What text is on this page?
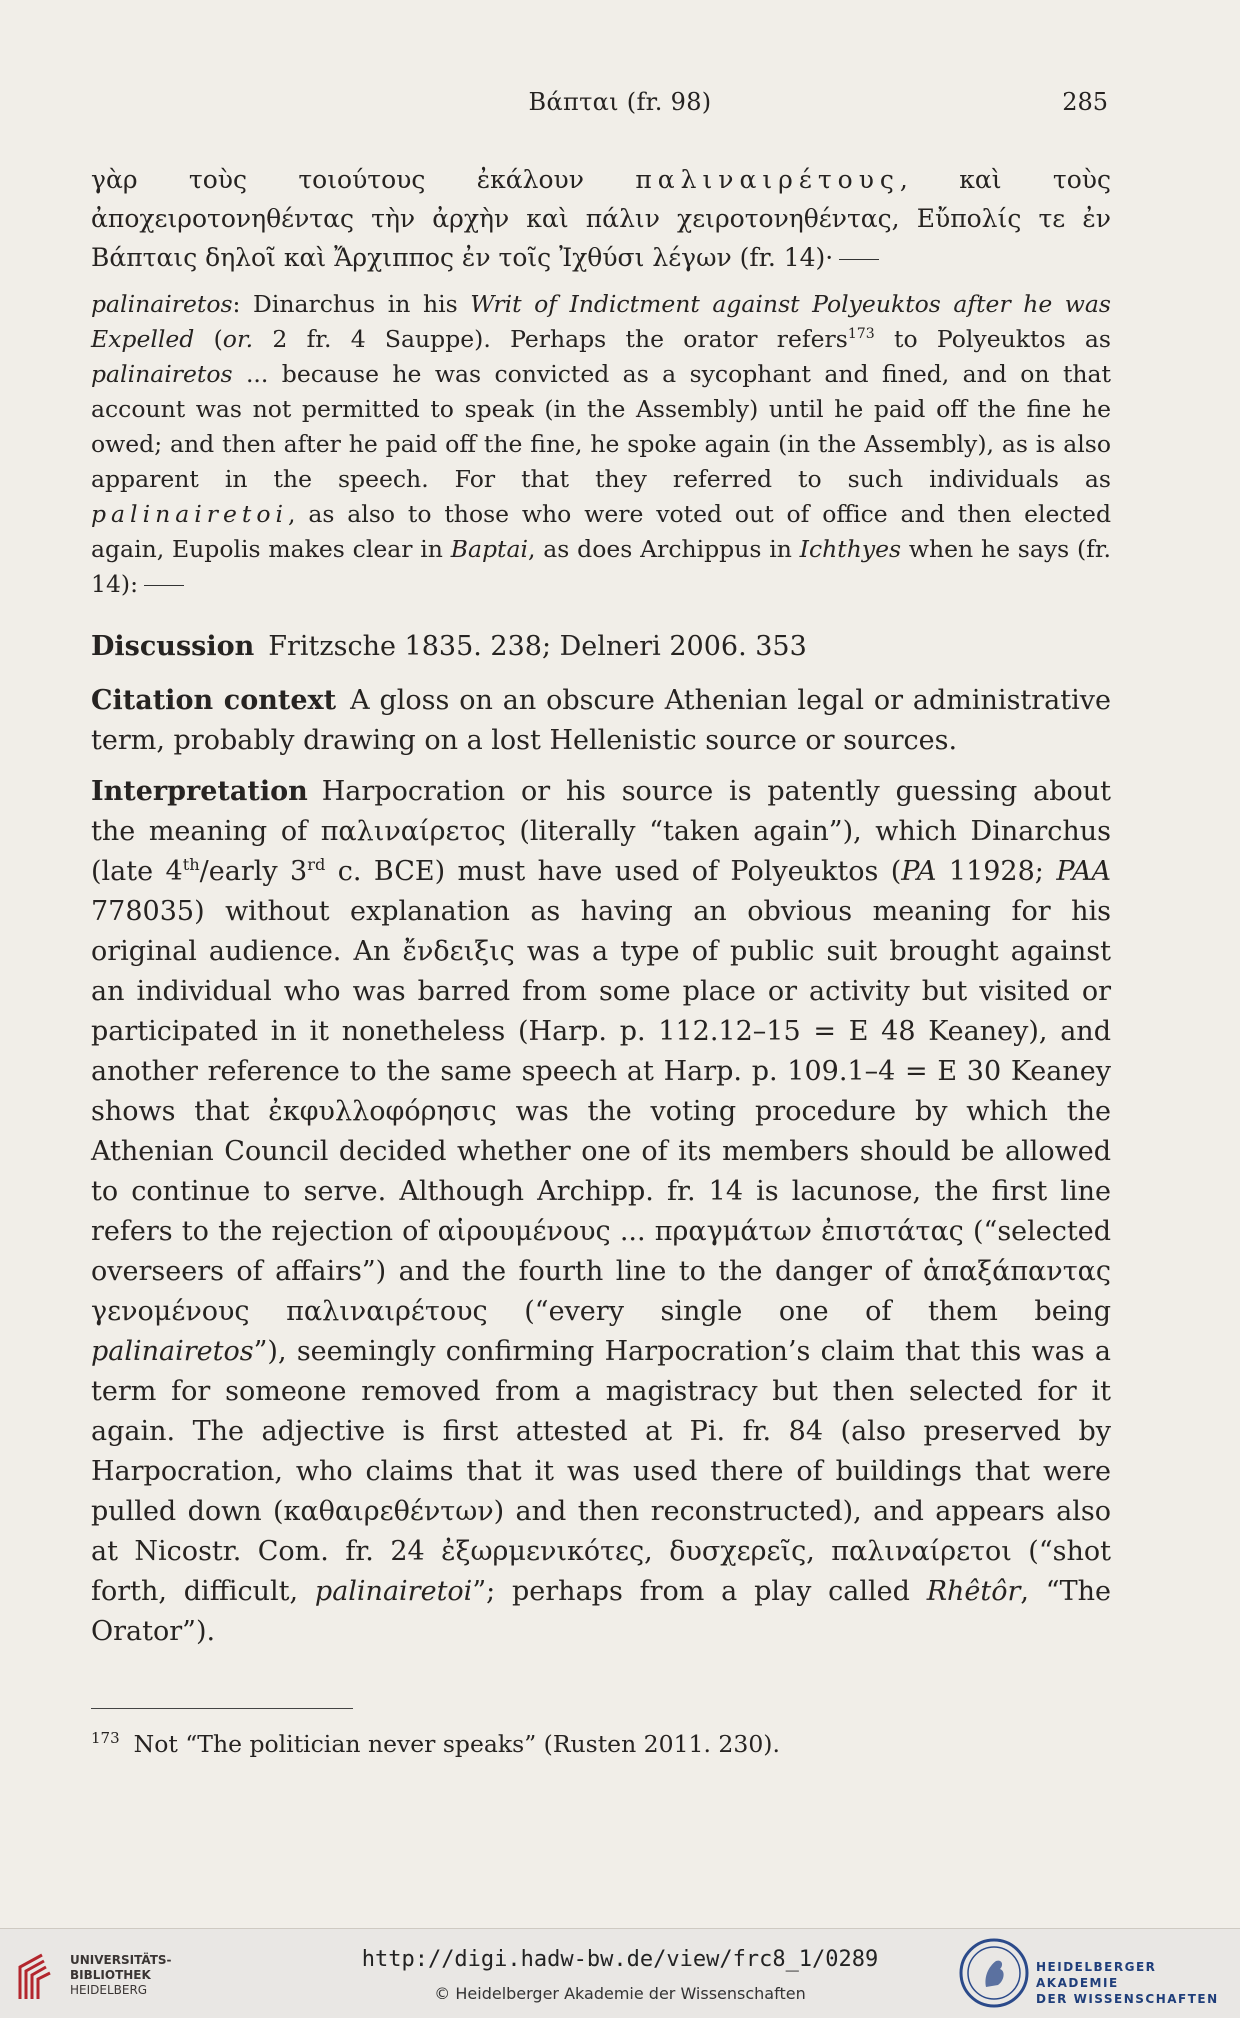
Βάπται (fr. 98)	285

γὰρ τοὺς τοιούτους ἐκάλουν παλιναιρέτους, καὶ τοὺς ἀποχειροτονηθέντας τὴν ἀρχὴν καὶ πάλιν χειροτονηθέντας, Εὔπολίς τε ἐν Βάπταις δηλοῖ καὶ Ἄρχιππος ἐν τοῖς Ἰχθύσι λέγων (fr. 14)·

palinairetos: Dinarchus in his Writ of Indictment against Polyeuktos after he was Expelled (or. 2 fr. 4 Sauppe). Perhaps the orator refers$^{173}$ to Polyeuktos as palinairetos ... because he was convicted as a sycophant and fined, and on that account was not permitted to speak (in the Assembly) until he paid off the fine he owed; and then after he paid off the fine, he spoke again (in the Assembly), as is also apparent in the speech. For that they referred to such individuals as palinairetoi, as also to those who were voted out of office and then elected again, Eupolis makes clear in Baptai, as does Archippus in Ichthyes when he says (fr. 14):

Discussion Fritzsche 1835. 238; Delneri 2006. 353

Citation context A gloss on an obscure Athenian legal or administrative term, probably drawing on a lost Hellenistic source or sources.

Interpretation Harpocration or his source is patently guessing about the meaning of παλιναίρετος (literally “taken again”), which Dinarchus (late 4th/early 3rd c. BCE) must have used of Polyeuktos (PA 11928; PAA 778035) without explanation as having an obvious meaning for his original audience. An ἔνδειξις was a type of public suit brought against an individual who was barred from some place or activity but visited or participated in it nonetheless (Harp. p. 112.12–15 = E 48 Keaney), and another reference to the same speech at Harp. p. 109.1–4 = E 30 Keaney shows that ἐκφυλλοφόρησις was the voting procedure by which the Athenian Council decided whether one of its members should be allowed to continue to serve. Although Archipp. fr. 14 is lacunose, the first line refers to the rejection of αἱρουμένους ... πραγμάτων ἐπιστάτας (“selected overseers of affairs”) and the fourth line to the danger of ἁπαξάπαντας γενομένους παλιναιρέτους (“every single one of them being palinairetos”), seemingly confirming Harpocration’s claim that this was a term for someone removed from a magistracy but then selected for it again. The adjective is first attested at Pi. fr. 84 (also preserved by Harpocration, who claims that it was used there of buildings that were pulled down (καθαιρεθέντων) and then reconstructed), and appears also at Nicostr. Com. fr. 24 ἐξωρμενικότες, δυσχερεῖς, παλιναίρετοι (“shot forth, difficult, palinairetoi”; perhaps from a play called Rhêtôr, “The Orator”).

$^{173}$ Not “The politician never speaks” (Rusten 2011. 230).
UNIVERSITÄTS-
BIBLIOTHEK
HEIDELBERG
http://digi.hadw-bw.de/view/frc8_1/0289
© Heidelberger Akademie der Wissenschaften
HEIDELBERGER AKADEMIE
DER WISSENSCHAFTEN
